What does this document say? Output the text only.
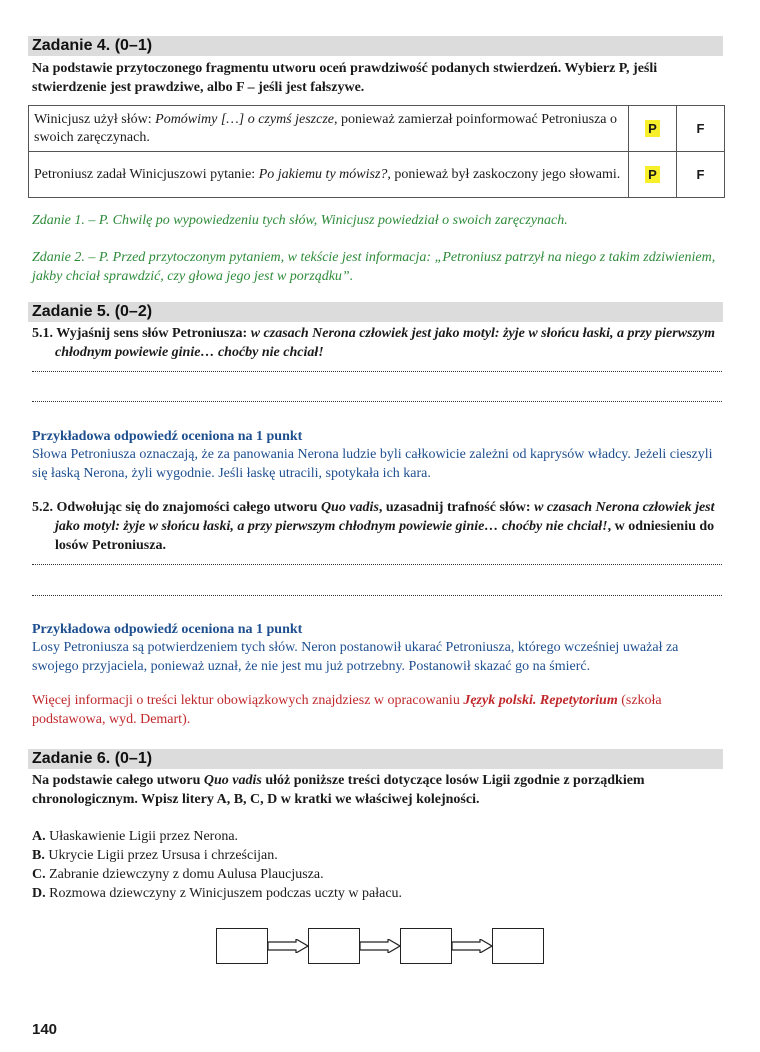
Zadanie 4. (0–1)
Na podstawie przytoczonego fragmentu utworu oceń prawdziwość podanych stwierdzeń. Wybierz P, jeśli stwierdzenie jest prawdziwe, albo F – jeśli jest fałszywe.
Winicjusz użył słów: Pomówimy […] o czymś jeszcze, ponieważ zamierzał poinformować Petroniusza o swoich zaręczynach.	P	F
Petroniusz zadał Winicjuszowi pytanie: Po jakiemu ty mówisz?, ponieważ był zaskoczony jego słowami.	P	F
Zdanie 1. – P. Chwilę po wypowiedzeniu tych słów, Winicjusz powiedział o swoich zaręczynach.
Zdanie 2. – P. Przed przytoczonym pytaniem, w tekście jest informacja: „Petroniusz patrzył na niego z takim zdziwieniem, jakby chciał sprawdzić, czy głowa jego jest w porządku”.
Zadanie 5. (0–2)
5.1. Wyjaśnij sens słów Petroniusza: w czasach Nerona człowiek jest jako motyl: żyje w słońcu łaski, a przy pierwszym chłodnym powiewie ginie… choćby nie chciał!
Przykładowa odpowiedź oceniona na 1 punkt
Słowa Petroniusza oznaczają, że za panowania Nerona ludzie byli całkowicie zależni od kaprysów władcy. Jeżeli cieszyli się łaską Nerona, żyli wygodnie. Jeśli łaskę utracili, spotykała ich kara.
5.2. Odwołując się do znajomości całego utworu Quo vadis, uzasadnij trafność słów: w czasach Nerona człowiek jest jako motyl: żyje w słońcu łaski, a przy pierwszym chłodnym powiewie ginie… choćby nie chciał!, w odniesieniu do losów Petroniusza.
Przykładowa odpowiedź oceniona na 1 punkt
Losy Petroniusza są potwierdzeniem tych słów. Neron postanowił ukarać Petroniusza, którego wcześniej uważał za swojego przyjaciela, ponieważ uznał, że nie jest mu już potrzebny. Postanowił skazać go na śmierć.
Więcej informacji o treści lektur obowiązkowych znajdziesz w opracowaniu Język polski. Repetytorium (szkoła podstawowa, wyd. Demart).
Zadanie 6. (0–1)
Na podstawie całego utworu Quo vadis ułóż poniższe treści dotyczące losów Ligii zgodnie z porządkiem chronologicznym. Wpisz litery A, B, C, D w kratki we właściwej kolejności.
A. Ułaskawienie Ligii przez Nerona.
B. Ukrycie Ligii przez Ursusa i chrześcijan.
C. Zabranie dziewczyny z domu Aulusa Plaucjusza.
D. Rozmowa dziewczyny z Winicjuszem podczas uczty w pałacu.
140
